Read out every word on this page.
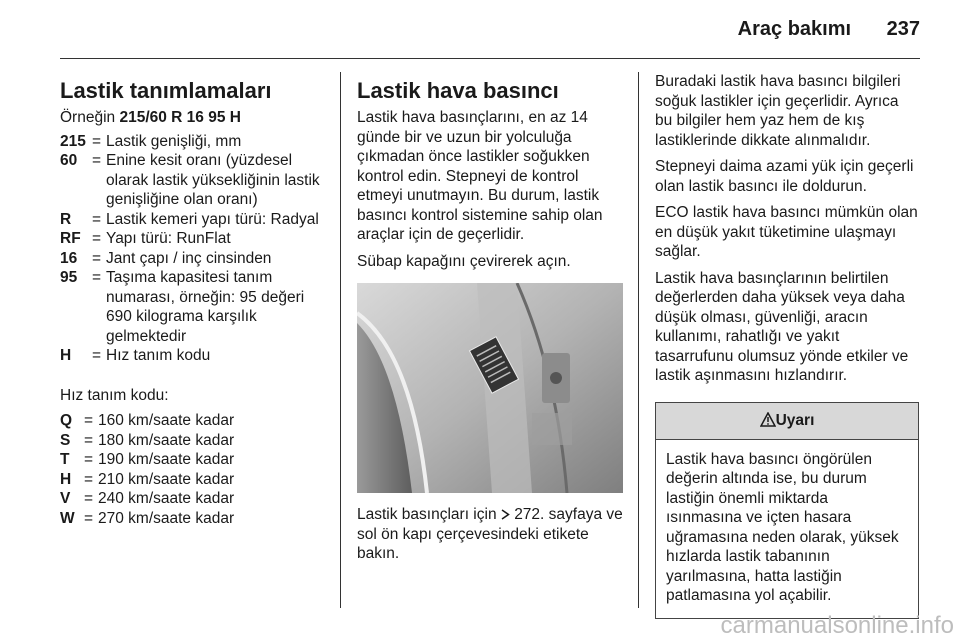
Araç bakımı 237
Lastik tanımlamaları
Örneğin 215/60 R 16 95 H
215 = Lastik genişliği, mm
60 = Enine kesit oranı (yüzdesel olarak lastik yüksekliğinin lastik genişliğine olan oranı)
R	= Lastik kemeri yapı türü: Radyal
RF = Yapı türü: RunFlat
16 = Jant çapı / inç cinsinden
95 = Taşıma kapasitesi tanım numarası, örneğin: 95 değeri 690 kilograma karşılık gelmektedir
H	= Hız tanım kodu

Hız tanım kodu:

Q = 160 km/saate kadar
S = 180 km/saate kadar
T = 190 km/saate kadar
H = 210 km/saate kadar
V = 240 km/saate kadar
W = 270 km/saate kadar
Lastik hava basıncı

Lastik hava basınçlarını, en az 14 günde bir ve uzun bir yolculuğa çıkmadan önce lastikler soğukken kontrol edin. Stepneyi de kontrol etmeyi unutmayın. Bu durum, lastik basıncı kontrol sistemine sahip olan araçlar için de geçerlidir.

Sübap kapağını çevirerek açın.

Lastik basınçları için 272. sayfaya ve sol ön kapı çerçevesindeki etikete bakın.

Buradaki lastik hava basıncı bilgileri soğuk lastikler için geçerlidir. Ayrıca bu bilgiler hem yaz hem de kış lastiklerinde dikkate alınmalıdır.

Stepneyi daima azami yük için geçerli olan lastik basıncı ile doldurun.

ECO lastik hava basıncı mümkün olan en düşük yakıt tüketimine ulaşmayı sağlar.

Lastik hava basınçlarının belirtilen değerlerden daha yüksek veya daha düşük olması, güvenliği, aracın kullanımı, rahatlığı ve yakıt tasarrufunu olumsuz yönde etkiler ve lastik aşınmasını hızlandırır.

Uyarı
Lastik hava basıncı öngörülen değerin altında ise, bu durum lastiğin önemli miktarda ısınmasına ve içten hasara uğramasına neden olarak, yüksek hızlarda lastik tabanının yarılmasına, hatta lastiğin patlamasına yol açabilir.
carmanualsonline.info
